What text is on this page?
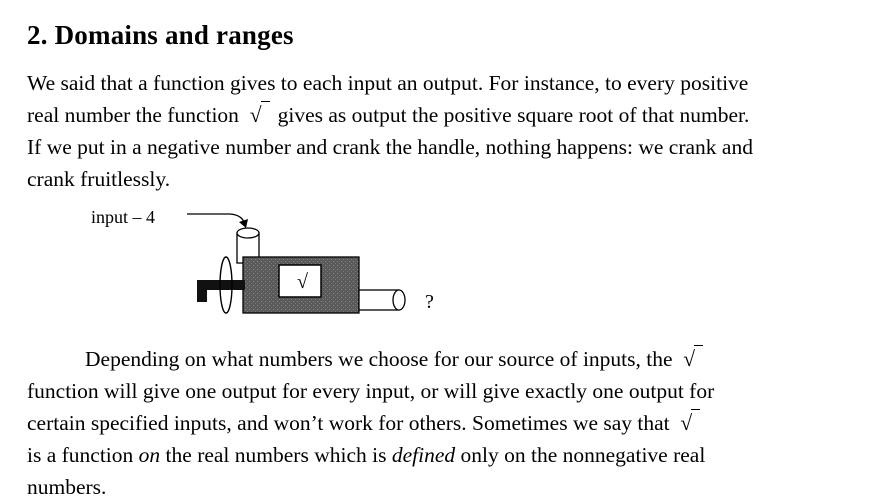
2. Domains and ranges
We said that a function gives to each input an output. For instance, to every positive
real number the function √ gives as output the positive square root of that number.
If we put in a negative number and crank the handle, nothing happens: we crank and
crank fruitlessly.
input – 4
√
?
Depending on what numbers we choose for our source of inputs, the √
function will give one output for every input, or will give exactly one output for
certain specified inputs, and won’t work for others. Sometimes we say that √
is a function on the real numbers which is defined only on the nonnegative real
numbers.
